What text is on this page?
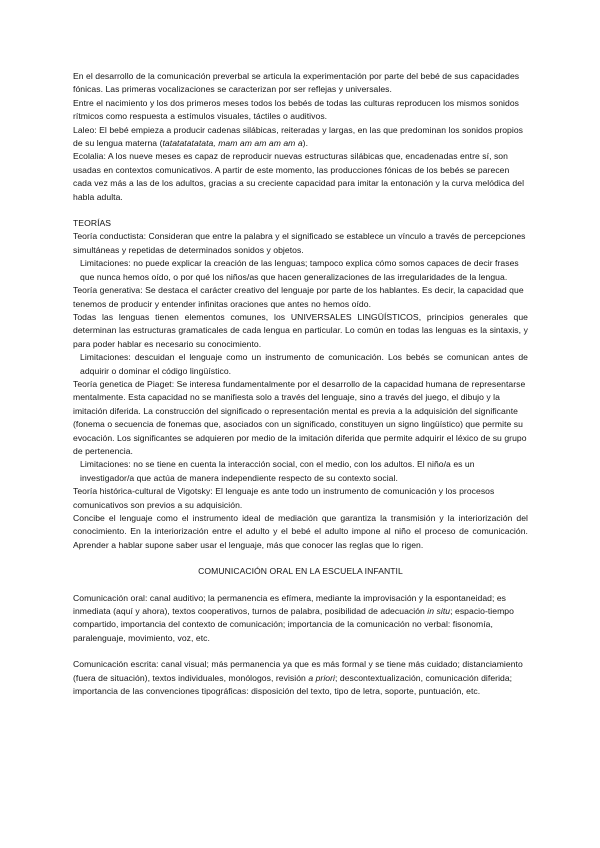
En el desarrollo de la comunicación preverbal se articula la experimentación por parte del bebé de sus capacidades fónicas. Las primeras vocalizaciones se caracterizan por ser reflejas y universales.

Entre el nacimiento y los dos primeros meses todos los bebés de todas las culturas reproducen los mismos sonidos rítmicos como respuesta a estímulos visuales, táctiles o auditivos.

Laleo: El bebé empieza a producir cadenas silábicas, reiteradas y largas, en las que predominan los sonidos propios de su lengua materna (tatatatatatata, mam am am am am a).

Ecolalia: A los nueve meses es capaz de reproducir nuevas estructuras silábicas que, encadenadas entre sí, son usadas en contextos comunicativos. A partir de este momento, las producciones fónicas de los bebés se parecen cada vez más a las de los adultos, gracias a su creciente capacidad para imitar la entonación y la curva melódica del habla adulta.

TEORÍAS

Teoría conductista: Consideran que entre la palabra y el significado se establece un vínculo a través de percepciones simultáneas y repetidas de determinados sonidos y objetos.

Limitaciones: no puede explicar la creación de las lenguas; tampoco explica cómo somos capaces de decir frases que nunca hemos oído, o por qué los niños/as que hacen generalizaciones de las irregularidades de la lengua.

Teoría generativa: Se destaca el carácter creativo del lenguaje por parte de los hablantes. Es decir, la capacidad que tenemos de producir y entender infinitas oraciones que antes no hemos oído.

Todas las lenguas tienen elementos comunes, los UNIVERSALES LINGÜÍSTICOS, principios generales que determinan las estructuras gramaticales de cada lengua en particular. Lo común en todas las lenguas es la sintaxis, y para poder hablar es necesario su conocimiento.

Limitaciones: descuidan el lenguaje como un instrumento de comunicación. Los bebés se comunican antes de adquirir o dominar el código lingüístico.

Teoría genetica de Piaget: Se interesa fundamentalmente por el desarrollo de la capacidad humana de representarse mentalmente. Esta capacidad no se manifiesta solo a través del lenguaje, sino a través del juego, el dibujo y la imitación diferida. La construcción del significado o representación mental es previa a la adquisición del significante (fonema o secuencia de fonemas que, asociados con un significado, constituyen un signo lingüístico) que permite su evocación. Los significantes se adquieren por medio de la imitación diferida que permite adquirir el léxico de su grupo de pertenencia.

Limitaciones: no se tiene en cuenta la interacción social, con el medio, con los adultos. El niño/a es un investigador/a que actúa de manera independiente respecto de su contexto social.

Teoría histórica-cultural de Vigotsky: El lenguaje es ante todo un instrumento de comunicación y los procesos comunicativos son previos a su adquisición.

Concibe el lenguaje como el instrumento ideal de mediación que garantiza la transmisión y la interiorización del conocimiento. En la interiorización entre el adulto y el bebé el adulto impone al niño el proceso de comunicación. Aprender a hablar supone saber usar el lenguaje, más que conocer las reglas que lo rigen.

COMUNICACIÓN ORAL EN LA ESCUELA INFANTIL

Comunicación oral: canal auditivo; la permanencia es efímera, mediante la improvisación y la espontaneidad; es inmediata (aquí y ahora), textos cooperativos, turnos de palabra, posibilidad de adecuación in situ; espacio-tiempo compartido, importancia del contexto de comunicación; importancia de la comunicación no verbal: fisonomía, paralenguaje, movimiento, voz, etc.

Comunicación escrita: canal visual; más permanencia ya que es más formal y se tiene más cuidado; distanciamiento (fuera de situación), textos individuales, monólogos, revisión a priori; descontextualización, comunicación diferida; importancia de las convenciones tipográficas: disposición del texto, tipo de letra, soporte, puntuación, etc.
